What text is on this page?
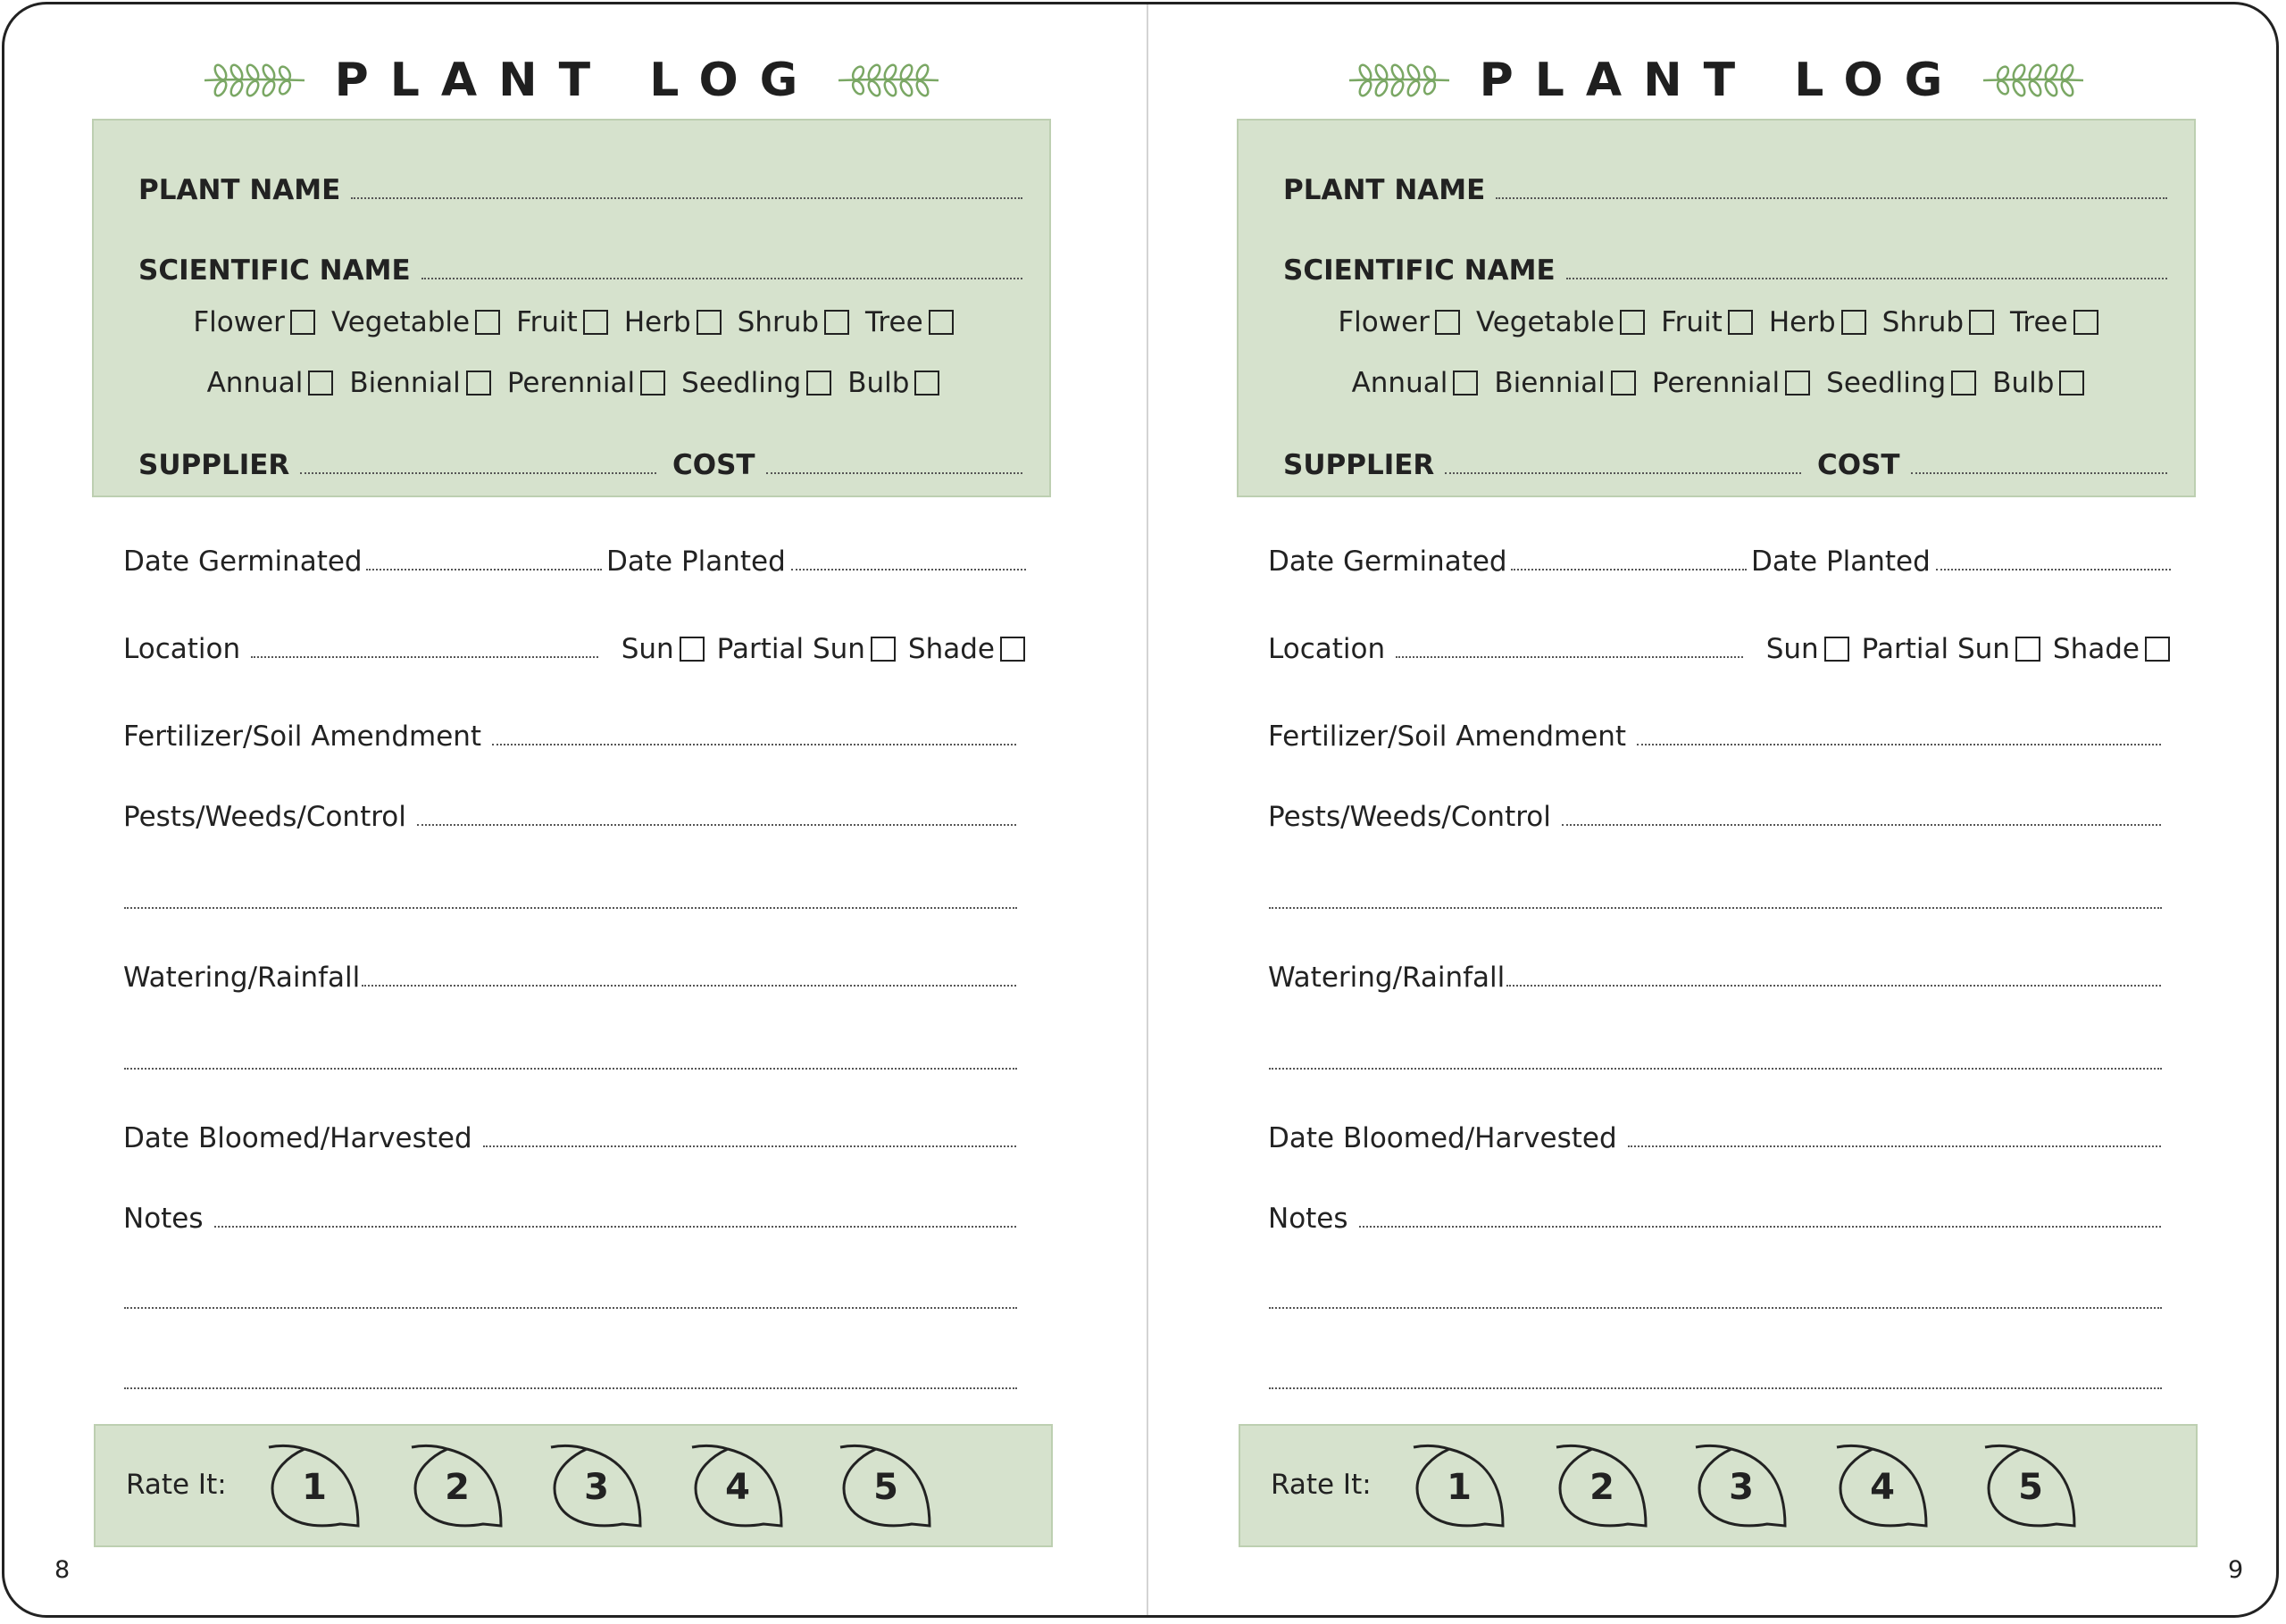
PLANT LOG
PLANT NAME
SCIENTIFIC NAME
Flower Vegetable Fruit Herb Shrub Tree
Annual Biennial Perennial Seedling Bulb
SUPPLIER	COST
Date Germinated	Date Planted
Location	Sun Partial Sun Shade
Fertilizer/Soil Amendment
Pests/Weeds/Control
Watering/Rainfall
Date Bloomed/Harvested
Notes
Rate It:	1	2	3	4	5
8
PLANT LOG
PLANT NAME
SCIENTIFIC NAME
Flower Vegetable Fruit Herb Shrub Tree
Annual Biennial Perennial Seedling Bulb
SUPPLIER	COST
Date Germinated	Date Planted
Location	Sun Partial Sun Shade
Fertilizer/Soil Amendment
Pests/Weeds/Control
Watering/Rainfall
Date Bloomed/Harvested
Notes
Rate It:	1	2	3	4	5
9
